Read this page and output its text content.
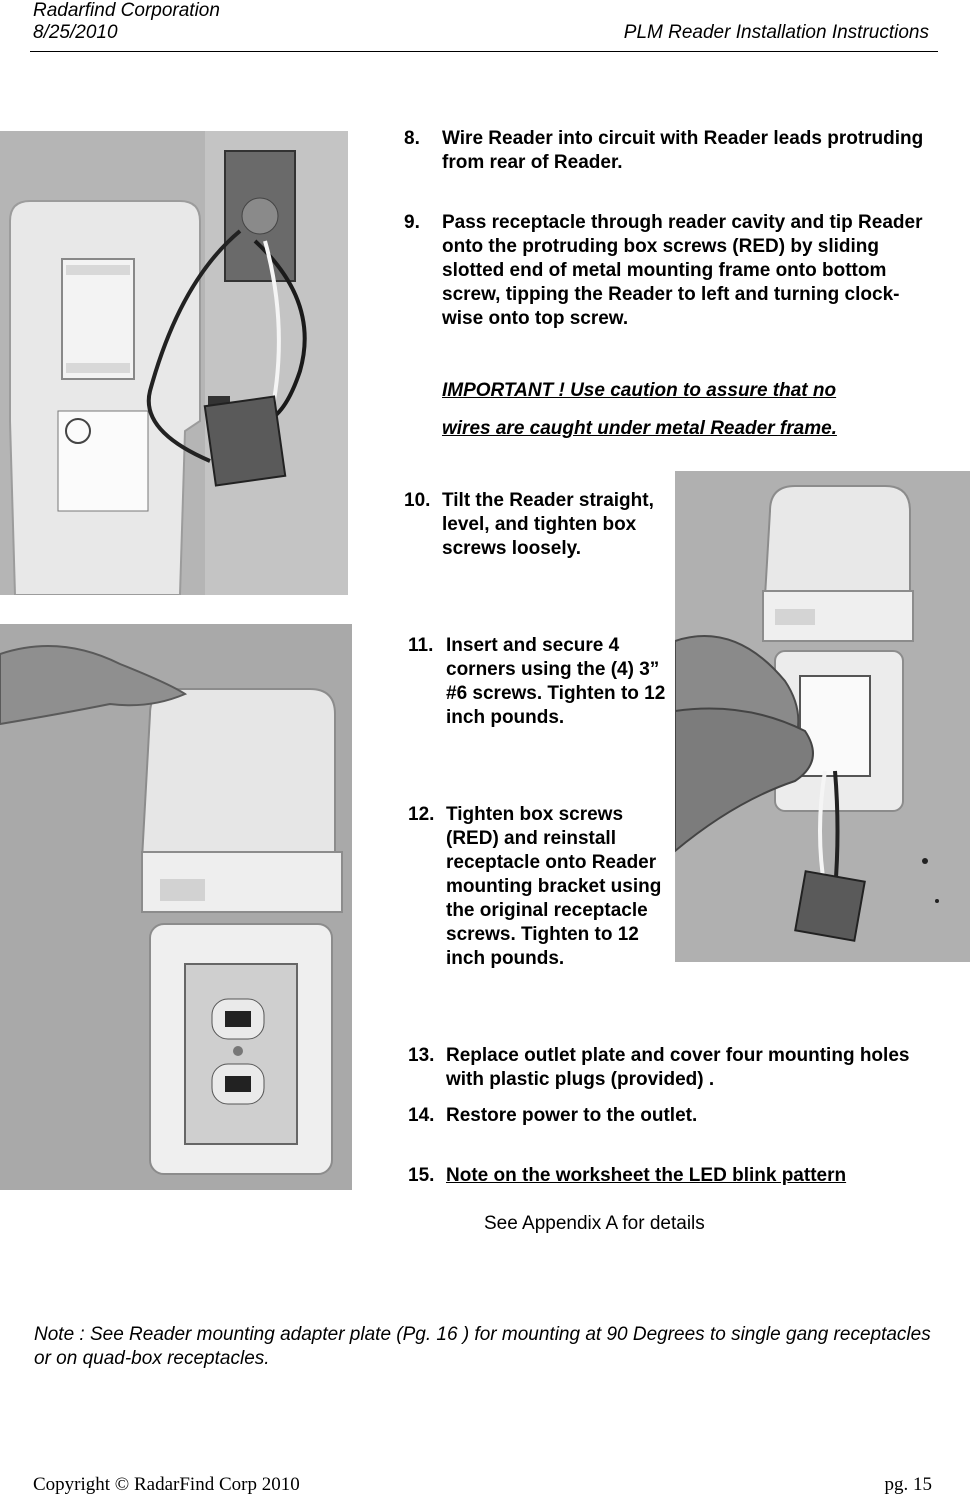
Radarfind Corporation
8/25/2010	PLM Reader Installation Instructions
8. Wire Reader into circuit with Reader leads protruding from rear of Reader.
9. Pass receptacle through reader cavity and tip Reader onto the protruding box screws (RED) by sliding slotted end of metal mounting frame onto bottom screw, tipping the Reader to left and turning clock-wise onto top screw.
IMPORTANT ! Use caution to assure that no
wires are caught under metal Reader frame.
10. Tilt the Reader straight, level, and tighten box screws loosely.
11. Insert and secure 4 corners using the (4) 3” #6 screws. Tighten to 12 inch pounds.
12. Tighten box screws (RED) and reinstall receptacle onto Reader mounting bracket using the original receptacle screws. Tighten to 12 inch pounds.
13. Replace outlet plate and cover four mounting holes with plastic plugs (provided) .
14. Restore power to the outlet.
15. Note on the worksheet the LED blink pattern
See Appendix A for details
Note : See Reader mounting adapter plate (Pg. 16 ) for mounting at 90 Degrees to single gang receptacles or on quad-box receptacles.
Copyright © RadarFind Corp 2010	pg. 15
